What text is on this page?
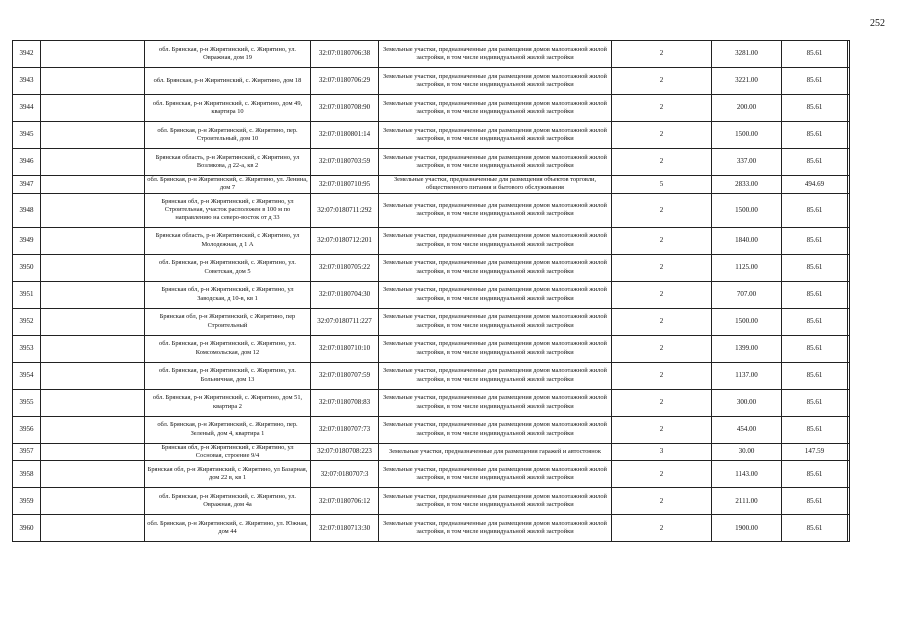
252
3942		обл. Брянская, р-н Жирятинский, с. Жирятино, ул. Овражная, дом 19	32:07:0180706:38	Земельные участки, предназначенные для размещения домов малоэтажной жилой застройки, в том числе индивидуальной жилой застройки	2	3281.00	85.61	
3943		обл. Брянская, р-н Жирятинский, с. Жирятино, дом 18	32:07:0180706:29	Земельные участки, предназначенные для размещения домов малоэтажной жилой застройки, в том числе индивидуальной жилой застройки	2	3221.00	85.61	
3944		обл. Брянская, р-н Жирятинский, с. Жирятино, дом 49, квартира 10	32:07:0180708:90	Земельные участки, предназначенные для размещения домов малоэтажной жилой застройки, в том числе индивидуальной жилой застройки	2	200.00	85.61	
3945		обл. Брянская, р-н Жирятинский, с. Жирятино, пер. Строительный, дом 10	32:07:0180801:14	Земельные участки, предназначенные для размещения домов малоэтажной жилой застройки, в том числе индивидуальной жилой застройки	2	1500.00	85.61	
3946		Брянская область, р-н Жирятинский, с Жирятино, ул Возлякова, д 22-а, кв 2	32:07:0180703:59	Земельные участки, предназначенные для размещения домов малоэтажной жилой застройки, в том числе индивидуальной жилой застройки	2	337.00	85.61	
3947		обл. Брянская, р-н Жирятинский, с. Жирятино, ул. Ленина, дом 7	32:07:0180710:95	Земельные участки, предназначенные для размещения объектов торговли, общественного питания и бытового обслуживания	5	2833.00	494.69	
3948		Брянская обл, р-н Жирятинский, с Жирятино, ул Строительная, участок расположен в 100 м по направлению на северо-восток от д 33	32:07:0180711:292	Земельные участки, предназначенные для размещения домов малоэтажной жилой застройки, в том числе индивидуальной жилой застройки	2	1500.00	85.61	
3949		Брянская область, р-н Жирятинский, с Жирятино, ул Молодежная, д 1 А	32:07:0180712:201	Земельные участки, предназначенные для размещения домов малоэтажной жилой застройки, в том числе индивидуальной жилой застройки	2	1840.00	85.61	
3950		обл. Брянская, р-н Жирятинский, с. Жирятино, ул. Советская, дом 5	32:07:0180705:22	Земельные участки, предназначенные для размещения домов малоэтажной жилой застройки, в том числе индивидуальной жилой застройки	2	1125.00	85.61	
3951		Брянская обл, р-н Жирятинский, с Жирятино, ул Заводская, д 10-в, кв 1	32:07:0180704:30	Земельные участки, предназначенные для размещения домов малоэтажной жилой застройки, в том числе индивидуальной жилой застройки	2	707.00	85.61	
3952		Брянская обл, р-н Жирятинский, с Жирятино, пер Строительный	32:07:0180711:227	Земельные участки, предназначенные для размещения домов малоэтажной жилой застройки, в том числе индивидуальной жилой застройки	2	1500.00	85.61	
3953		обл. Брянская, р-н Жирятинский, с. Жирятино, ул. Комсомольская, дом 12	32:07:0180710:10	Земельные участки, предназначенные для размещения домов малоэтажной жилой застройки, в том числе индивидуальной жилой застройки	2	1399.00	85.61	
3954		обл. Брянская, р-н Жирятинский, с. Жирятино, ул. Больничная, дом 13	32:07:0180707:59	Земельные участки, предназначенные для размещения домов малоэтажной жилой застройки, в том числе индивидуальной жилой застройки	2	1137.00	85.61	
3955		обл. Брянская, р-н Жирятинский, с. Жирятино, дом 51, квартира 2	32:07:0180708:83	Земельные участки, предназначенные для размещения домов малоэтажной жилой застройки, в том числе индивидуальной жилой застройки	2	300.00	85.61	
3956		обл. Брянская, р-н Жирятинский, с. Жирятино, пер. Зеленый, дом 4, квартира 1	32:07:0180707:73	Земельные участки, предназначенные для размещения домов малоэтажной жилой застройки, в том числе индивидуальной жилой застройки	2	454.00	85.61	
3957		Брянская обл, р-н Жирятинский, с Жирятино, ул Сосновая, строение 9/4	32:07:0180708:223	Земельные участки, предназначенные для размещения гаражей и автостоянок	3	30.00	147.59	
3958		Брянская обл, р-н Жирятинский, с Жирятино, ул Базарная, дом 22 в, кв 1	32:07:0180707:3	Земельные участки, предназначенные для размещения домов малоэтажной жилой застройки, в том числе индивидуальной жилой застройки	2	1143.00	85.61	
3959		обл. Брянская, р-н Жирятинский, с. Жирятино, ул. Овражная, дом 4а	32:07:0180706:12	Земельные участки, предназначенные для размещения домов малоэтажной жилой застройки, в том числе индивидуальной жилой застройки	2	2111.00	85.61	
3960		обл. Брянская, р-н Жирятинский, с. Жирятино, ул. Южная, дом 44	32:07:0180713:30	Земельные участки, предназначенные для размещения домов малоэтажной жилой застройки, в том числе индивидуальной жилой застройки	2	1900.00	85.61	
